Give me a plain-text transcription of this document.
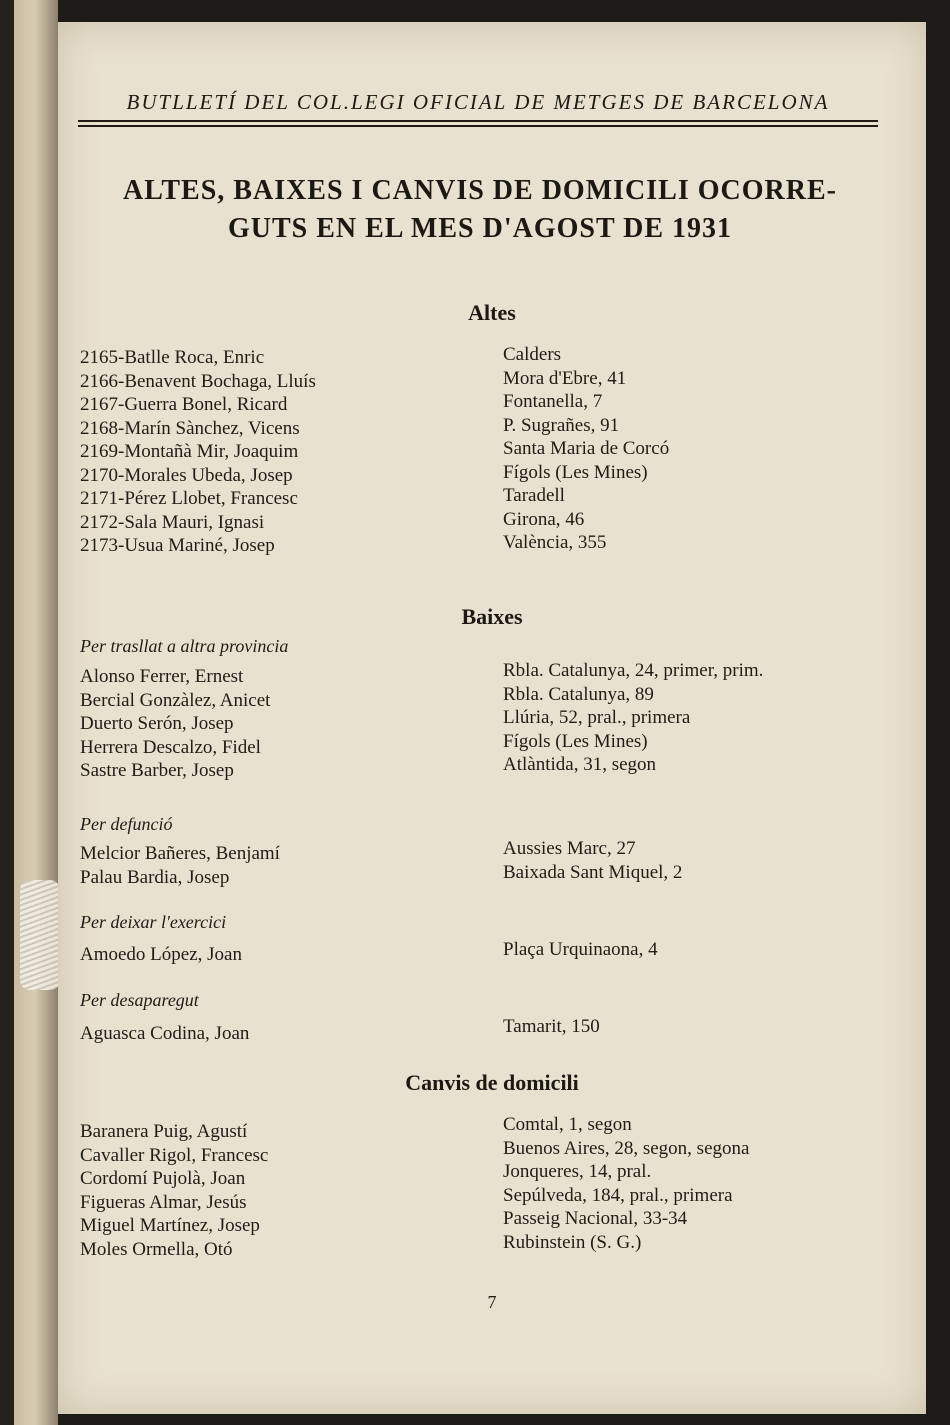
BUTLLETÍ DEL COL.LEGI OFICIAL DE METGES DE BARCELONA
ALTES, BAIXES I CANVIS DE DOMICILI OCORRE-
GUTS EN EL MES D'AGOST DE 1931
Altes
2165-Batlle Roca, Enric
2166-Benavent Bochaga, Lluís
2167-Guerra Bonel, Ricard
2168-Marín Sànchez, Vicens
2169-Montañà Mir, Joaquim
2170-Morales Ubeda, Josep
2171-Pérez Llobet, Francesc
2172-Sala Mauri, Ignasi
2173-Usua Mariné, Josep
Calders
Mora d'Ebre, 41
Fontanella, 7
P. Sugrañes, 91
Santa Maria de Corcó
Fígols (Les Mines)
Taradell
Girona, 46
València, 355
Baixes
Per trasllat a altra provincia
Alonso Ferrer, Ernest
Bercial Gonzàlez, Anicet
Duerto Serón, Josep
Herrera Descalzo, Fidel
Sastre Barber, Josep
Rbla. Catalunya, 24, primer, prim.
Rbla. Catalunya, 89
Llúria, 52, pral., primera
Fígols (Les Mines)
Atlàntida, 31, segon
Per defunció
Melcior Bañeres, Benjamí
Palau Bardia, Josep
Aussies Marc, 27
Baixada Sant Miquel, 2
Per deixar l'exercici
Amoedo López, Joan	Plaça Urquinaona, 4
Per desaparegut
Aguasca Codina, Joan	Tamarit, 150
Canvis de domicili
Baranera Puig, Agustí
Cavaller Rigol, Francesc
Cordomí Pujolà, Joan
Figueras Almar, Jesús
Miguel Martínez, Josep
Moles Ormella, Otó
Comtal, 1, segon
Buenos Aires, 28, segon, segona
Jonqueres, 14, pral.
Sepúlveda, 184, pral., primera
Passeig Nacional, 33-34
Rubinstein (S. G.)
7
